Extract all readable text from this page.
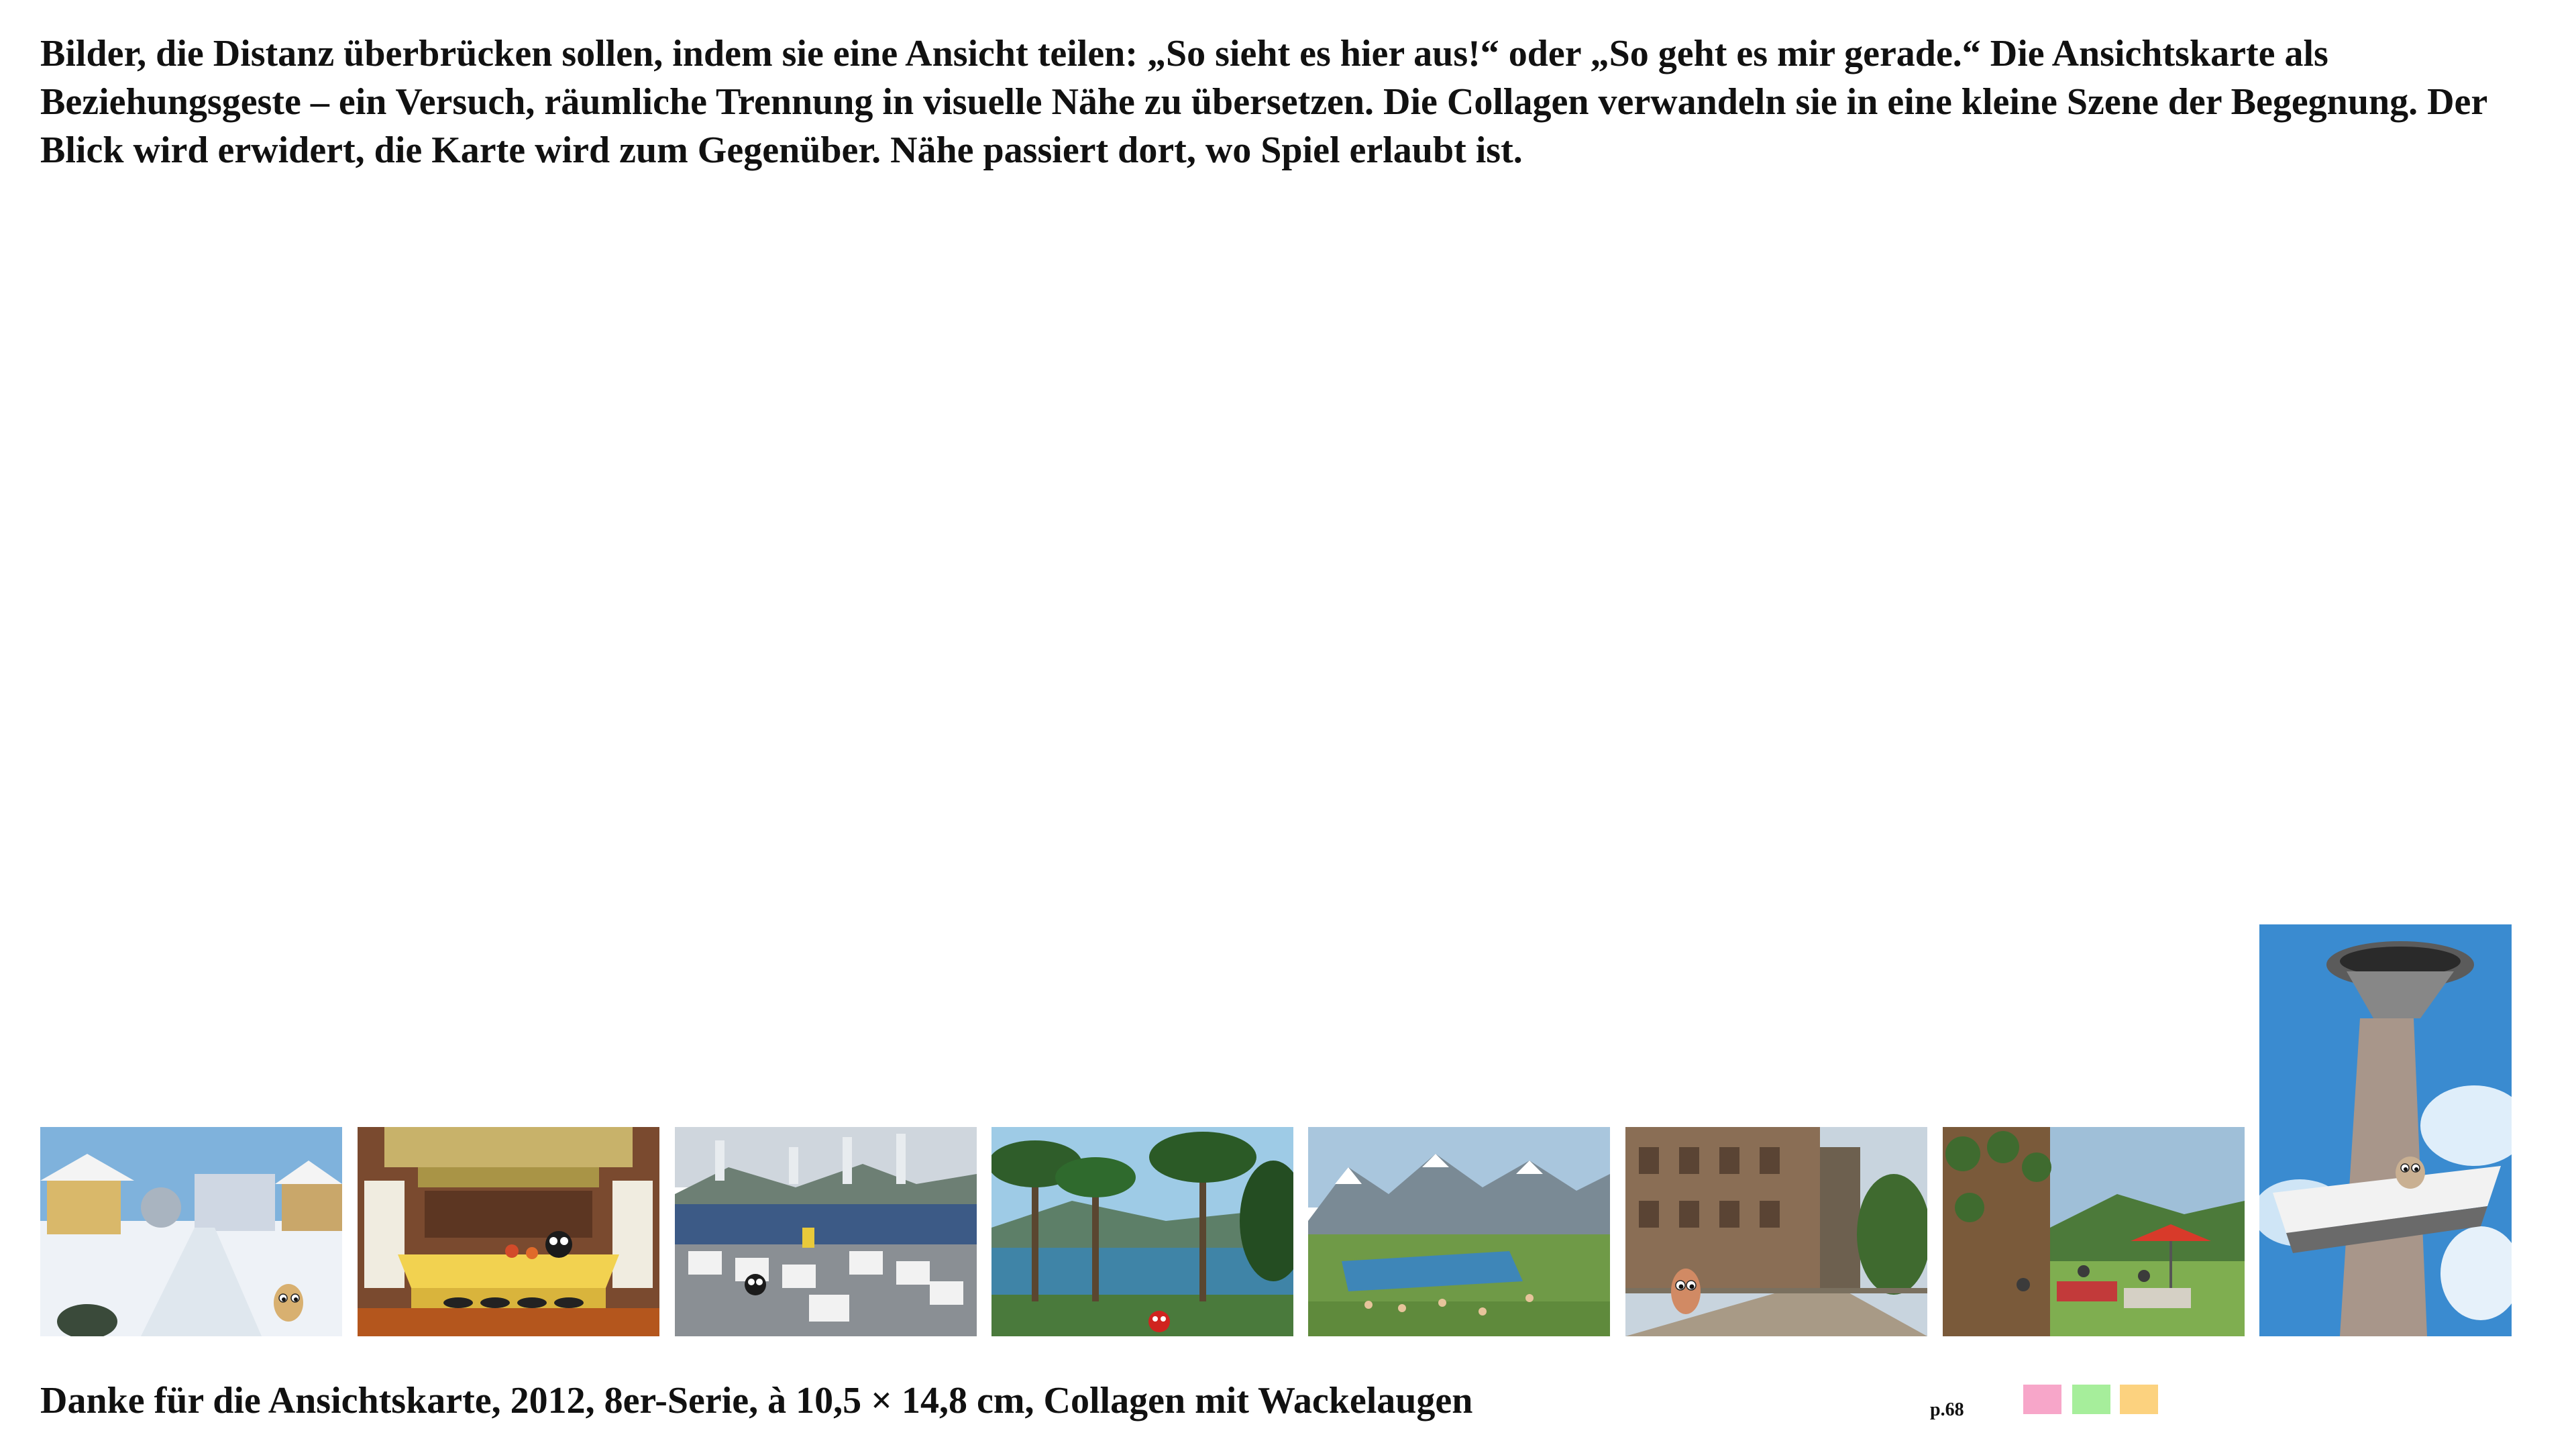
Bilder, die Distanz überbrücken sollen, indem sie eine Ansicht teilen: „So sieht es hier aus!“ oder „So geht es mir gerade.“ Die Ansichtskarte als Beziehungsgeste – ein Versuch, räumliche Trennung in visuelle Nähe zu übersetzen. Die Collagen verwandeln sie in eine kleine Szene der Begegnung. Der Blick wird erwidert, die Karte wird zum Gegenüber. Nähe passiert dort, wo Spiel erlaubt ist.

Danke für die Ansichtskarte, 2012, 8er-Serie, à 10,5 × 14,8 cm, Collagen mit Wackelaugen	p.68
